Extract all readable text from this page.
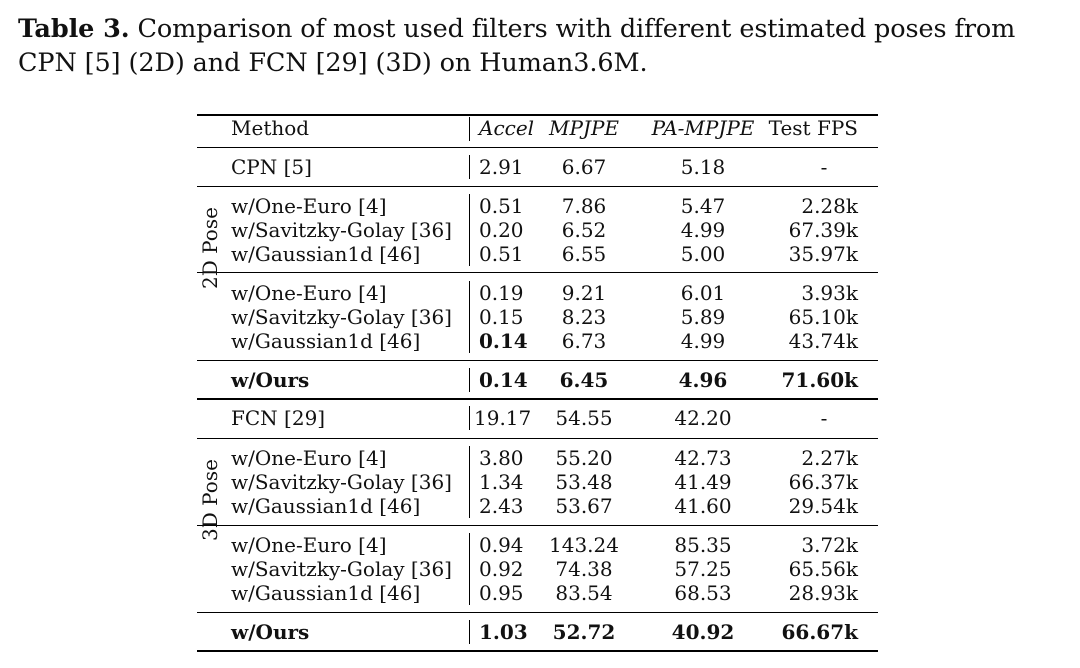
Table 3. Comparison of most used filters with different estimated poses from CPN [5] (2D) and FCN [29] (3D) on Human3.6M.
Method	Accel MPJPE PA-MPJPE Test FPS
2D Pose
3D Pose
CPN [5]	2.91 6.67	5.18	-
w/One-Euro [4]	0.51 7.86	5.47	2.28k
w/Savitzky-Golay [36] 0.20 6.52	4.99	67.39k
w/Gaussian1d [46]	0.51 6.55	5.00	35.97k
w/One-Euro [4]	0.19 9.21	6.01	3.93k
w/Savitzky-Golay [36] 0.15 8.23	5.89	65.10k
w/Gaussian1d [46]	0.14 6.73	4.99	43.74k
w/Ours	0.14 6.45	4.96	71.60k
FCN [29]	19.17 54.55	42.20	-
w/One-Euro [4]	3.80 55.20	42.73	2.27k
w/Savitzky-Golay [36] 1.34 53.48	41.49	66.37k
w/Gaussian1d [46]	2.43 53.67	41.60	29.54k
w/One-Euro [4]	0.94 143.24	85.35	3.72k
w/Savitzky-Golay [36] 0.92 74.38	57.25	65.56k
w/Gaussian1d [46]	0.95 83.54	68.53	28.93k
w/Ours	1.03 52.72	40.92 66.67k
